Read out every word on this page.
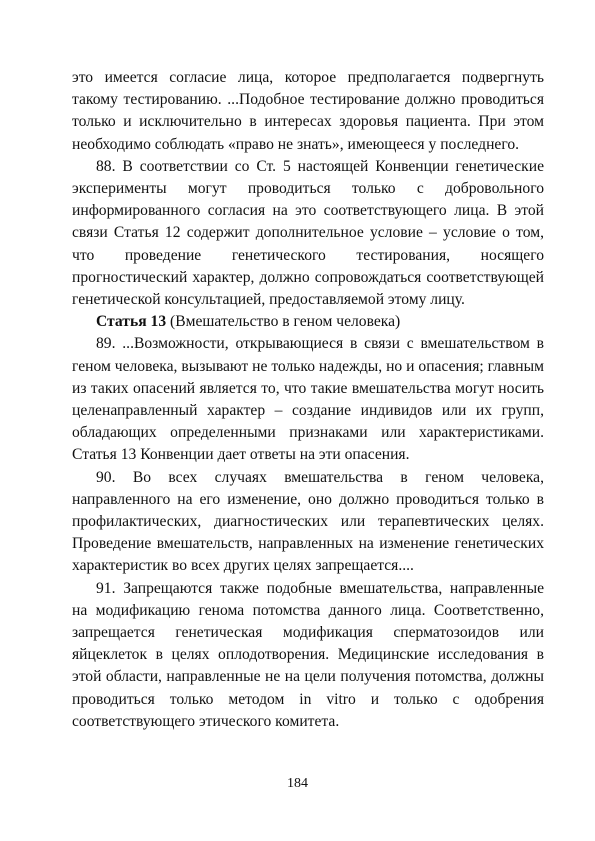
это имеется согласие лица, которое предполагается подвергнуть такому тестированию. ...Подобное тестирование должно проводиться только и исключительно в интересах здоровья пациента. При этом необходимо соблюдать «право не знать», имеющееся у последнего.

88. В соответствии со Ст. 5 настоящей Конвенции генетические эксперименты могут проводиться только с добровольного информированного согласия на это соответствующего лица. В этой связи Статья 12 содержит дополнительное условие – условие о том, что проведение генетического тестирования, носящего прогностический характер, должно сопровождаться соответствующей генетической консультацией, предоставляемой этому лицу.

Статья 13 (Вмешательство в геном человека)

89. ...Возможности, открывающиеся в связи с вмешательством в геном человека, вызывают не только надежды, но и опасения; главным из таких опасений является то, что такие вмешательства могут носить целенаправленный характер – создание индивидов или их групп, обладающих определенными признаками или характеристиками. Статья 13 Конвенции дает ответы на эти опасения.

90. Во всех случаях вмешательства в геном человека, направленного на его изменение, оно должно проводиться только в профилактических, диагностических или терапевтических целях. Проведение вмешательств, направленных на изменение генетических характеристик во всех других целях запрещается....

91. Запрещаются также подобные вмешательства, направленные на модификацию генома потомства данного лица. Соответственно, запрещается генетическая модификация сперматозоидов или яйцеклеток в целях оплодотворения. Медицинские исследования в этой области, направленные не на цели получения потомства, должны проводиться только методом in vitro и только с одобрения соответствующего этического комитета.

184
